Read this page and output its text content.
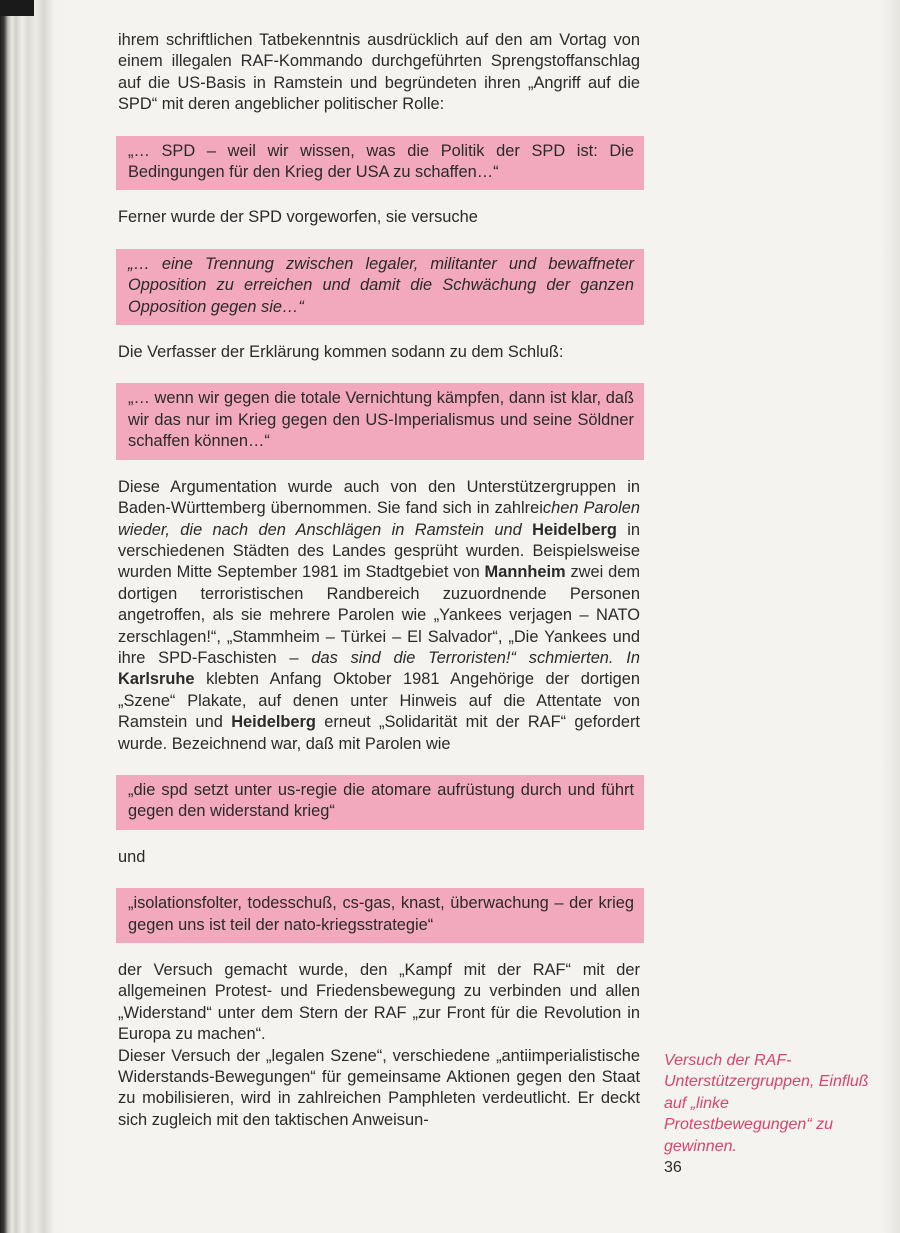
ihrem schriftlichen Tatbekenntnis ausdrücklich auf den am Vortag von einem illegalen RAF-Kommando durchgeführten Sprengstoffanschlag auf die US-Basis in Ramstein und begründeten ihren „Angriff auf die SPD“ mit deren angeblicher politischer Rolle:

„… SPD – weil wir wissen, was die Politik der SPD ist: Die Bedingungen für den Krieg der USA zu schaffen…“

Ferner wurde der SPD vorgeworfen, sie versuche

„… eine Trennung zwischen legaler, militanter und bewaffneter Opposition zu erreichen und damit die Schwächung der ganzen Opposition gegen sie…“

Die Verfasser der Erklärung kommen sodann zu dem Schluß:

„… wenn wir gegen die totale Vernichtung kämpfen, dann ist klar, daß wir das nur im Krieg gegen den US-Imperialismus und seine Söldner schaffen können…“

Diese Argumentation wurde auch von den Unterstützergruppen in Baden-Württemberg übernommen. Sie fand sich in zahlreichen Parolen wieder, die nach den Anschlägen in Ramstein und Heidelberg in verschiedenen Städten des Landes gesprüht wurden. Beispielsweise wurden Mitte September 1981 im Stadtgebiet von Mannheim zwei dem dortigen terroristischen Randbereich zuzuordnende Personen angetroffen, als sie mehrere Parolen wie „Yankees verjagen – NATO zerschlagen!“, „Stammheim – Türkei – El Salvador“, „Die Yankees und ihre SPD-Faschisten – das sind die Terroristen!“ schmierten. In Karlsruhe klebten Anfang Oktober 1981 Angehörige der dortigen „Szene“ Plakate, auf denen unter Hinweis auf die Attentate von Ramstein und Heidelberg erneut „Solidarität mit der RAF“ gefordert wurde. Bezeichnend war, daß mit Parolen wie

„die spd setzt unter us-regie die atomare aufrüstung durch und führt gegen den widerstand krieg“

und

„isolationsfolter, todesschuß, cs-gas, knast, überwachung – der krieg gegen uns ist teil der nato-kriegsstrategie“

der Versuch gemacht wurde, den „Kampf mit der RAF“ mit der allgemeinen Protest- und Friedensbewegung zu verbinden und allen „Widerstand“ unter dem Stern der RAF „zur Front für die Revolution in Europa zu machen“.

Dieser Versuch der „legalen Szene“, verschiedene „antiimperialistische Widerstands-Bewegungen“ für gemeinsame Aktionen gegen den Staat zu mobilisieren, wird in zahlreichen Pamphleten verdeutlicht. Er deckt sich zugleich mit den taktischen Anweisun-

Versuch der RAF-Unterstützergruppen, Einfluß auf „linke Protestbewegungen“ zu gewinnen.

36
